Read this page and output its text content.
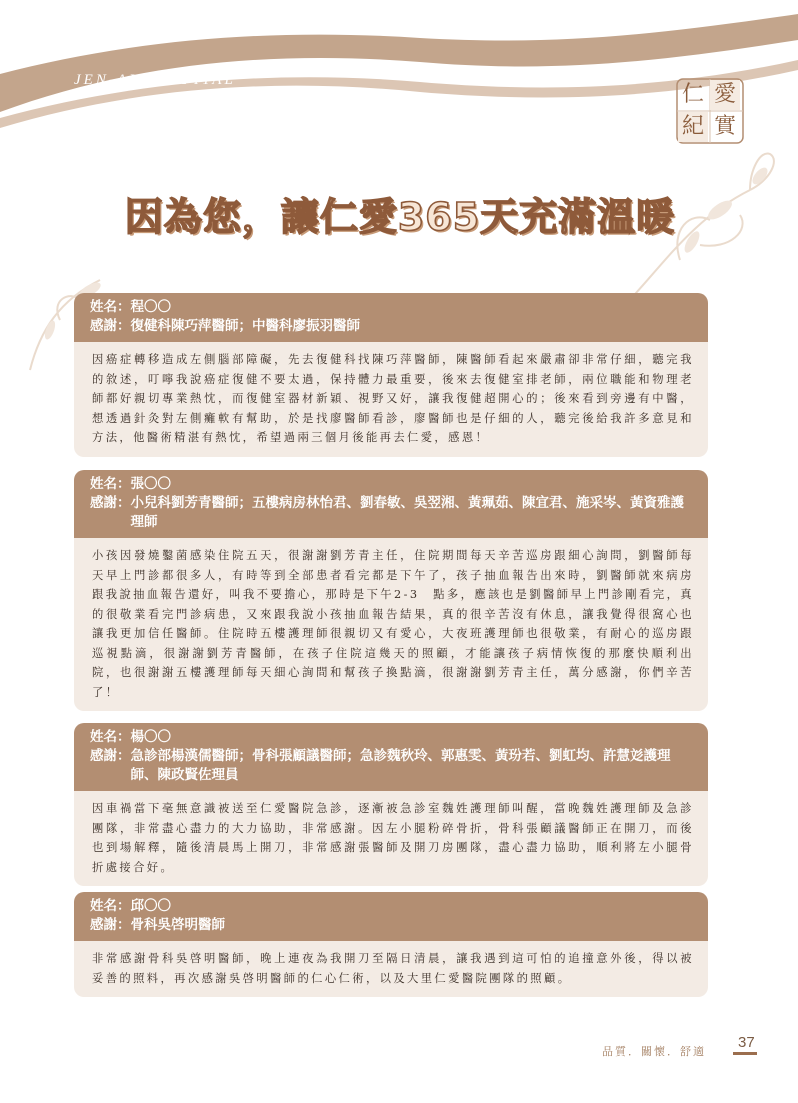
JEN-AI HOSPITAL
仁 愛
紀 實
因為您，讓仁愛365天充滿溫暖
姓名： 程〇〇
感謝： 復健科陳巧萍醫師；中醫科廖振羽醫師
因癌症轉移造成左側腦部障礙，先去復健科找陳巧萍醫師，陳醫師看起來嚴肅卻非常仔細，聽完我的敘述，叮嚀我說癌症復健不要太過，保持體力最重要，後來去復健室排老師，兩位職能和物理老師都好親切專業熱忱，而復健室器材新穎、視野又好，讓我復健超開心的；後來看到旁邊有中醫，想透過針灸對左側癱軟有幫助，於是找廖醫師看診，廖醫師也是仔細的人，聽完後給我許多意見和方法，他醫術精湛有熱忱，希望過兩三個月後能再去仁愛，感恩！
姓名： 張〇〇
感謝： 小兒科劉芳青醫師；五樓病房林怡君、劉春敏、吳翌湘、黃珮茹、陳宜君、施采岑、黃資雅護理師
小孩因發燒鑿菌感染住院五天，很謝謝劉芳青主任，住院期間每天辛苦巡房跟細心詢問，劉醫師每天早上門診都很多人，有時等到全部患者看完都是下午了，孩子抽血報告出來時，劉醫師就來病房跟我說抽血報告還好，叫我不要擔心，那時是下午2-3　點多，應該也是劉醫師早上門診剛看完，真的很敬業看完門診病患，又來跟我說小孩抽血報告結果，真的很辛苦沒有休息，讓我覺得很窩心也讓我更加信任醫師。住院時五樓護理師很親切又有愛心，大夜班護理師也很敬業，有耐心的巡房跟巡視點滴，很謝謝劉芳青醫師，在孩子住院這幾天的照顧，才能讓孩子病情恢復的那麼快順利出院，也很謝謝五樓護理師每天細心詢問和幫孩子換點滴，很謝謝劉芳青主任，萬分感謝，你們辛苦了！
姓名： 楊〇〇
感謝： 急診部楊漢儒醫師；骨科張顧議醫師；急診魏秋玲、郭惠雯、黃玢若、劉虹均、許慧彣護理師、陳政賢佐理員
因車禍當下毫無意識被送至仁愛醫院急診，逐漸被急診室魏姓護理師叫醒，當晚魏姓護理師及急診團隊，非常盡心盡力的大力協助，非常感謝。因左小腿粉碎骨折，骨科張顧議醫師正在開刀，而後也到場解釋，隨後清晨馬上開刀，非常感謝張醫師及開刀房團隊，盡心盡力協助，順利將左小腿骨折處接合好。
姓名： 邱〇〇
感謝： 骨科吳啓明醫師
非常感謝骨科吳啓明醫師，晚上連夜為我開刀至隔日清晨，讓我遇到這可怕的追撞意外後，得以被妥善的照料，再次感謝吳啓明醫師的仁心仁術，以及大里仁愛醫院團隊的照顧。
品質．關懷．舒適
37
